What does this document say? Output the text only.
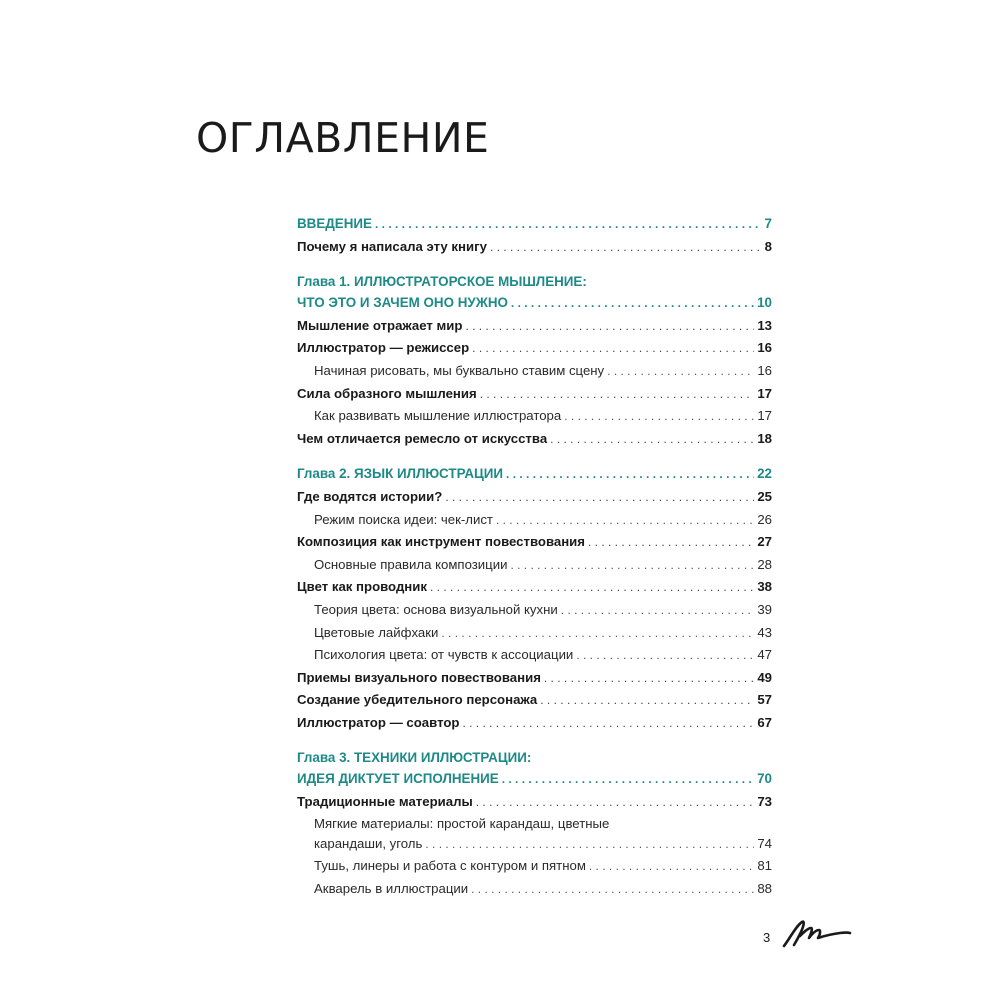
ОГЛАВЛЕНИЕ
ВВЕДЕНИЕ . . .	7
Почему я написала эту книгу . . .	8
Глава 1. ИЛЛЮСТРАТОРСКОЕ МЫШЛЕНИЕ:
ЧТО ЭТО И ЗАЧЕМ ОНО НУЖНО . . .	10
Мышление отражает мир . . .	13
Иллюстратор — режиссер . . .	16
Начиная рисовать, мы буквально ставим сцену . . .	16
Сила образного мышления . . .	17
Как развивать мышление иллюстратора . . .	17
Чем отличается ремесло от искусства . . .	18
Глава 2. ЯЗЫК ИЛЛЮСТРАЦИИ . . .	22
Где водятся истории? . . .	25
Режим поиска идеи: чек-лист . . .	26
Композиция как инструмент повествования . . .	27
Основные правила композиции . . .	28
Цвет как проводник . . .	38
Теория цвета: основа визуальной кухни . . .	39
Цветовые лайфхаки . . .	43
Психология цвета: от чувств к ассоциации . . .	47
Приемы визуального повествования . . .	49
Создание убедительного персонажа . . .	57
Иллюстратор — соавтор . . .	67
Глава 3. ТЕХНИКИ ИЛЛЮСТРАЦИИ:
ИДЕЯ ДИКТУЕТ ИСПОЛНЕНИЕ . . .	70
Традиционные материалы . . .	73
Мягкие материалы: простой карандаш, цветные
карандаши, уголь . . .	74
Тушь, линеры и работа с контуром и пятном . . .	81
Акварель в иллюстрации . . .	88
3
